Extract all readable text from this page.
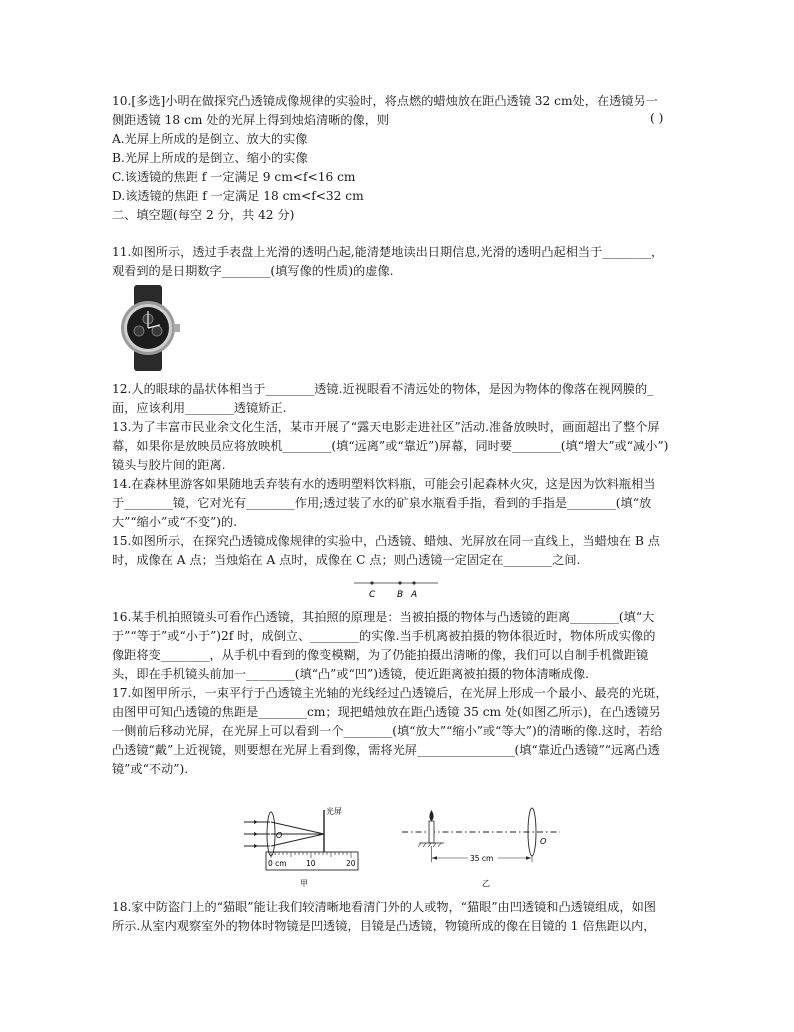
10.[多选]小明在做探究凸透镜成像规律的实验时，将点燃的蜡烛放在距凸透镜 32 cm处，在透镜另一
侧距透镜 18 cm 处的光屏上得到烛焰清晰的像，则	( )
A.光屏上所成的是倒立、放大的实像
B.光屏上所成的是倒立、缩小的实像
C.该透镜的焦距 f 一定满足 9 cm<f<16 cm
D.该透镜的焦距 f 一定满足 18 cm<f<32 cm
二、填空题(每空 2 分，共 42 分)
11.如图所示，透过手表盘上光滑的透明凸起,能清楚地读出日期信息,光滑的透明凸起相当于________，
观看到的是日期数字________(填写像的性质)的虚像.
12.人的眼球的晶状体相当于________透镜.近视眼看不清远处的物体，是因为物体的像落在视网膜的_
面，应该利用________透镜矫正.
13.为了丰富市民业余文化生活，某市开展了“露天电影走进社区”活动.准备放映时，画面超出了整个屏
幕，如果你是放映员应将放映机________(填“远离”或“靠近”)屏幕，同时要________(填“增大”或“减小”)
镜头与胶片间的距离.
14.在森林里游客如果随地丢弃装有水的透明塑料饮料瓶，可能会引起森林火灾，这是因为饮料瓶相当
于________镜，它对光有________作用;透过装了水的矿泉水瓶看手指，看到的手指是________(填“放
大”“缩小”或“不变”)的.
15.如图所示，在探究凸透镜成像规律的实验中，凸透镜、蜡烛、光屏放在同一直线上，当蜡烛在 B 点
时，成像在 A 点；当烛焰在 A 点时，成像在 C 点；则凸透镜一定固定在________之间.
C B A
16.某手机拍照镜头可看作凸透镜，其拍照的原理是：当被拍摄的物体与凸透镜的距离________(填“大
于”“等于”或“小于”)2f 时，成倒立、________的实像.当手机离被拍摄的物体很近时，物体所成实像的
像距将变________，从手机中看到的像变模糊，为了仍能拍摄出清晰的像，我们可以自制手机微距镜
头，即在手机镜头前加一________(填“凸”或“凹”)透镜，使近距离被拍摄的物体清晰成像.
17.如图甲所示，一束平行于凸透镜主光轴的光线经过凸透镜后，在光屏上形成一个最小、最亮的光斑，
由图甲可知凸透镜的焦距是________cm；现把蜡烛放在距凸透镜 35 cm 处(如图乙所示)，在凸透镜另
一侧前后移动光屏，在光屏上可以看到一个________(填“放大”“缩小”或“等大”)的清晰的像.这时，若给
凸透镜“戴”上近视镜，则要想在光屏上看到像，需将光屏________________(填“靠近凸透镜”“远离凸透
镜”或“不动”).
O
光屏
0 cm	10	20
甲
O
35 cm
乙
18.家中防盗门上的“猫眼”能让我们较清晰地看清门外的人或物，“猫眼”由凹透镜和凸透镜组成，如图
所示.从室内观察室外的物体时物镜是凹透镜，目镜是凸透镜，物镜所成的像在目镜的 1 倍焦距以内，
